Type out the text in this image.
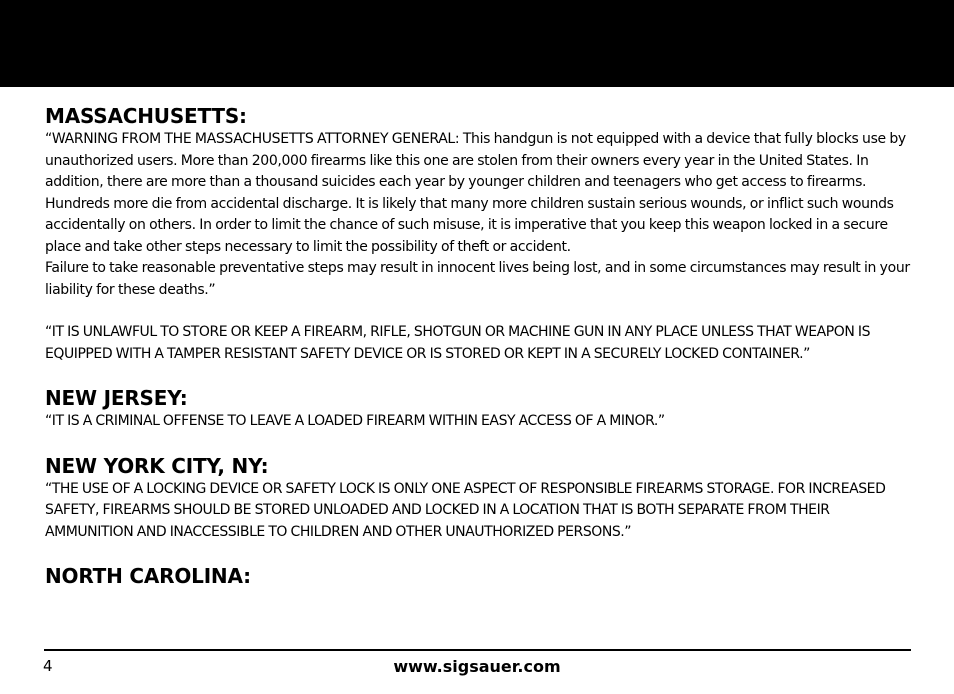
MASSACHUSETTS:

“WARNING FROM THE MASSACHUSETTS ATTORNEY GENERAL: This handgun is not equipped with a device that fully blocks use by unauthorized users. More than 200,000 firearms like this one are stolen from their owners every year in the United States. In addition, there are more than a thousand suicides each year by younger children and teenagers who get access to firearms. Hundreds more die from accidental discharge. It is likely that many more children sustain serious wounds, or inflict such wounds accidentally on others. In order to limit the chance of such misuse, it is imperative that you keep this weapon locked in a secure place and take other steps necessary to limit the possibility of theft or accident.

Failure to take reasonable preventative steps may result in innocent lives being lost, and in some circumstances may result in your liability for these deaths.”

“IT IS UNLAWFUL TO STORE OR KEEP A FIREARM, RIFLE, SHOTGUN OR MACHINE GUN IN ANY PLACE UNLESS THAT WEAPON IS EQUIPPED WITH A TAMPER RESISTANT SAFETY DEVICE OR IS STORED OR KEPT IN A SECURELY LOCKED CONTAINER.”

NEW JERSEY:

“IT IS A CRIMINAL OFFENSE TO LEAVE A LOADED FIREARM WITHIN EASY ACCESS OF A MINOR.”

NEW YORK CITY, NY:

“THE USE OF A LOCKING DEVICE OR SAFETY LOCK IS ONLY ONE ASPECT OF RESPONSIBLE FIREARMS STORAGE. FOR INCREASED SAFETY, FIREARMS SHOULD BE STORED UNLOADED AND LOCKED IN A LOCATION THAT IS BOTH SEPARATE FROM THEIR AMMUNITION AND INACCESSIBLE TO CHILDREN AND OTHER UNAUTHORIZED PERSONS.”

NORTH CAROLINA:
4	www.sigsauer.com
